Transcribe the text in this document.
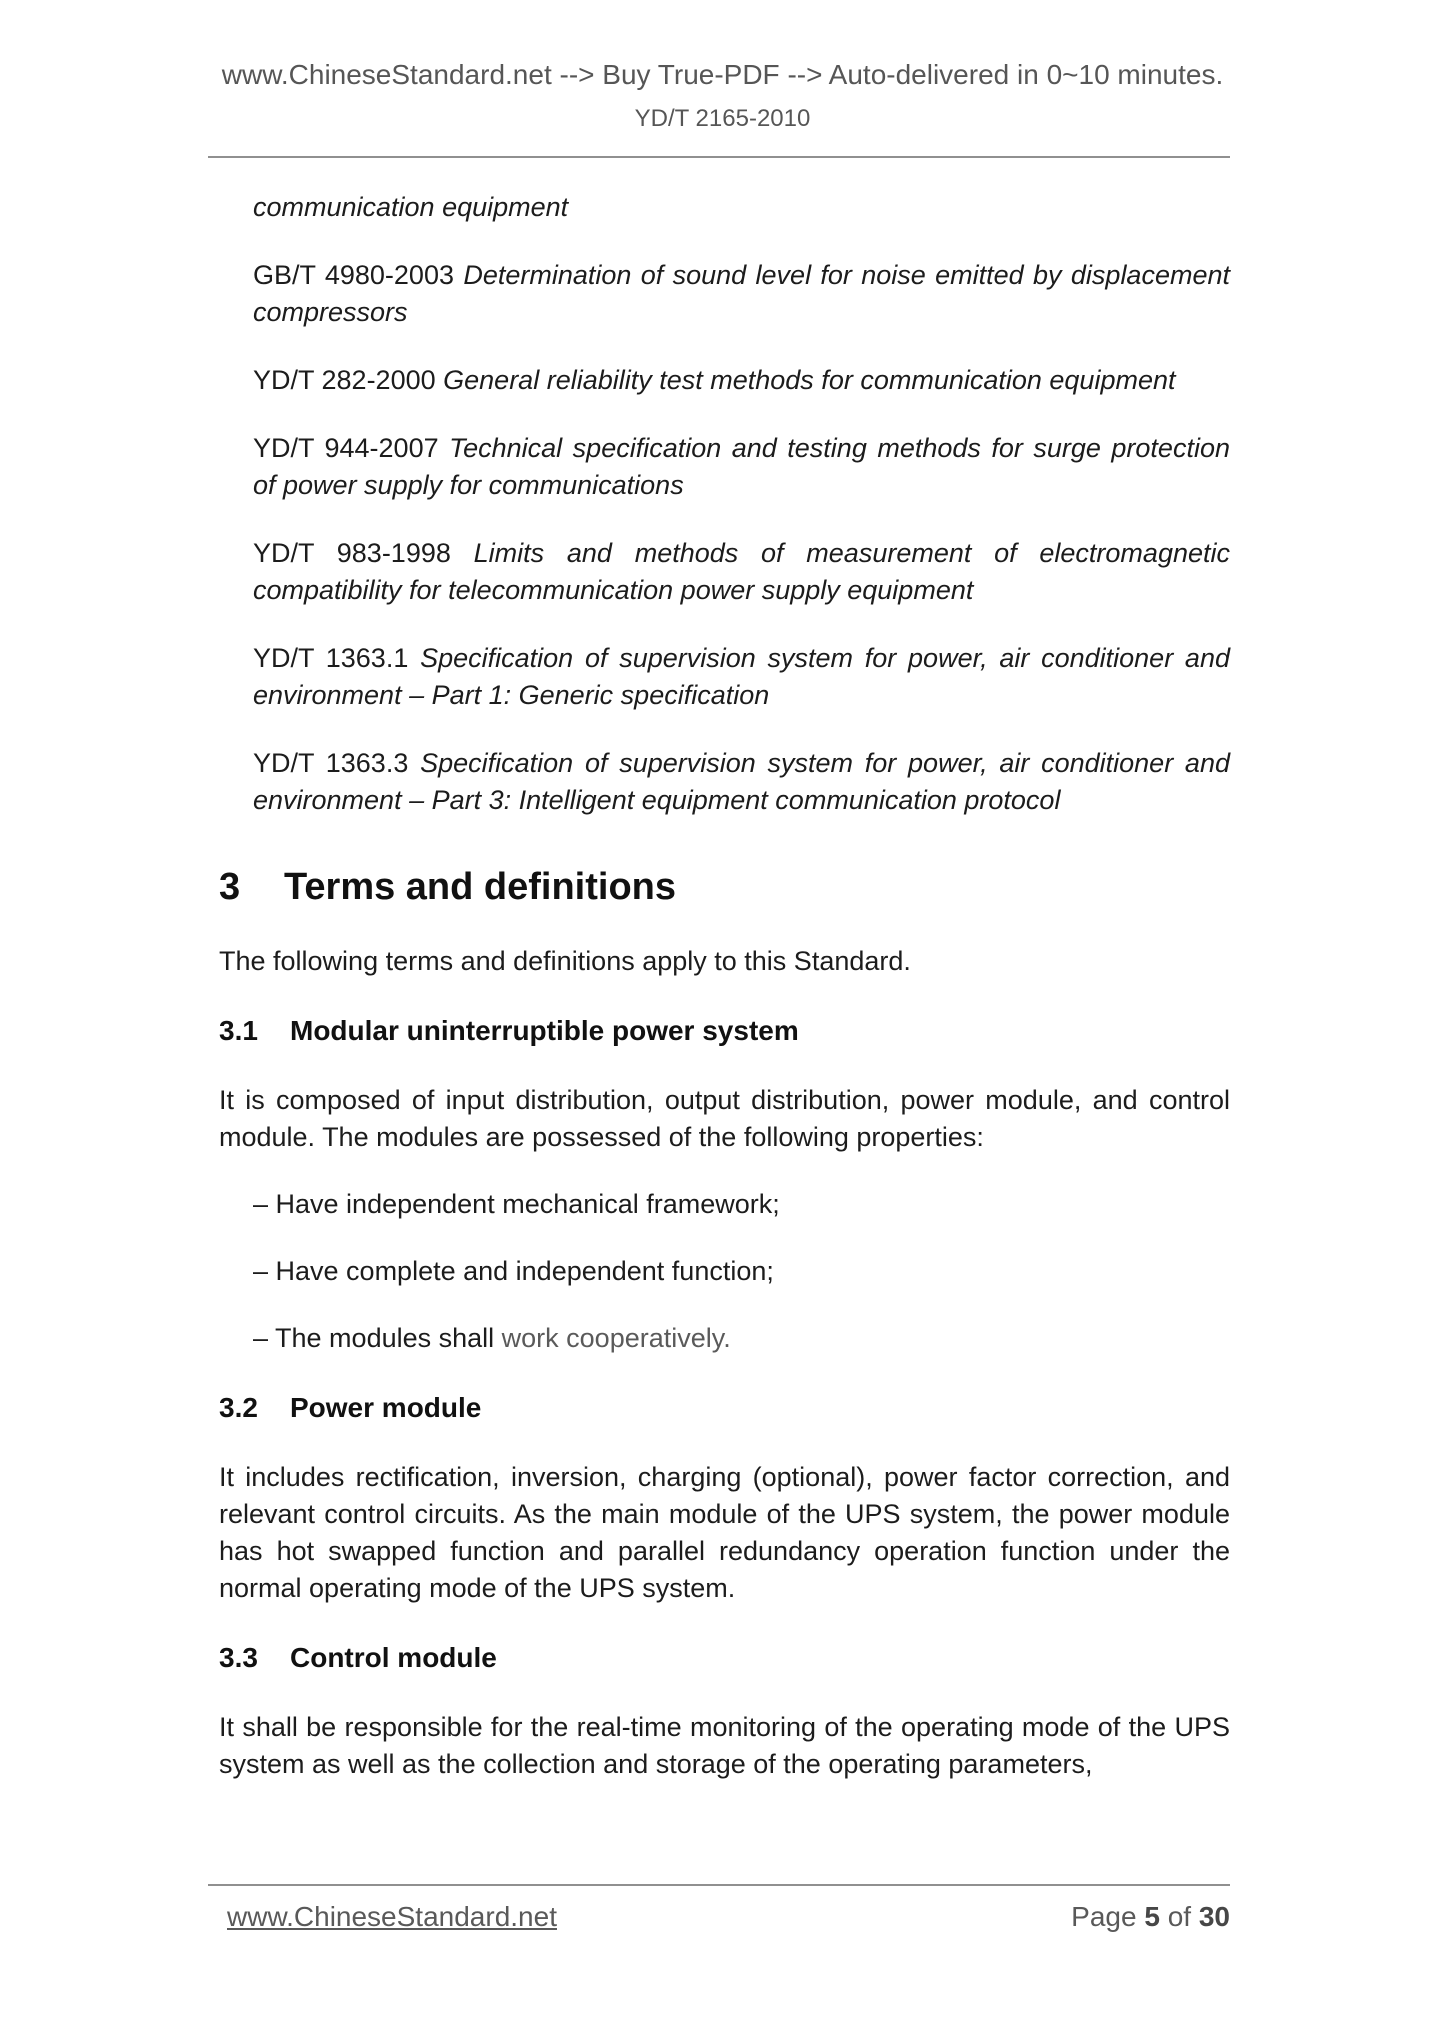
www.ChineseStandard.net --> Buy True-PDF --> Auto-delivered in 0~10 minutes.
YD/T 2165-2010

communication equipment

GB/T 4980-2003 Determination of sound level for noise emitted by displacement compressors

YD/T 282-2000 General reliability test methods for communication equipment

YD/T 944-2007 Technical specification and testing methods for surge protection of power supply for communications

YD/T 983-1998 Limits and methods of measurement of electromagnetic compatibility for telecommunication power supply equipment

YD/T 1363.1 Specification of supervision system for power, air conditioner and environment – Part 1: Generic specification

YD/T 1363.3 Specification of supervision system for power, air conditioner and environment – Part 3: Intelligent equipment communication protocol

3 Terms and definitions

The following terms and definitions apply to this Standard.

3.1 Modular uninterruptible power system

It is composed of input distribution, output distribution, power module, and control module. The modules are possessed of the following properties:

– Have independent mechanical framework;

– Have complete and independent function;

– The modules shall work cooperatively.

3.2 Power module

It includes rectification, inversion, charging (optional), power factor correction, and relevant control circuits. As the main module of the UPS system, the power module has hot swapped function and parallel redundancy operation function under the normal operating mode of the UPS system.

3.3 Control module

It shall be responsible for the real-time monitoring of the operating mode of the UPS system as well as the collection and storage of the operating parameters,

www.ChineseStandard.net	Page 5 of 30
